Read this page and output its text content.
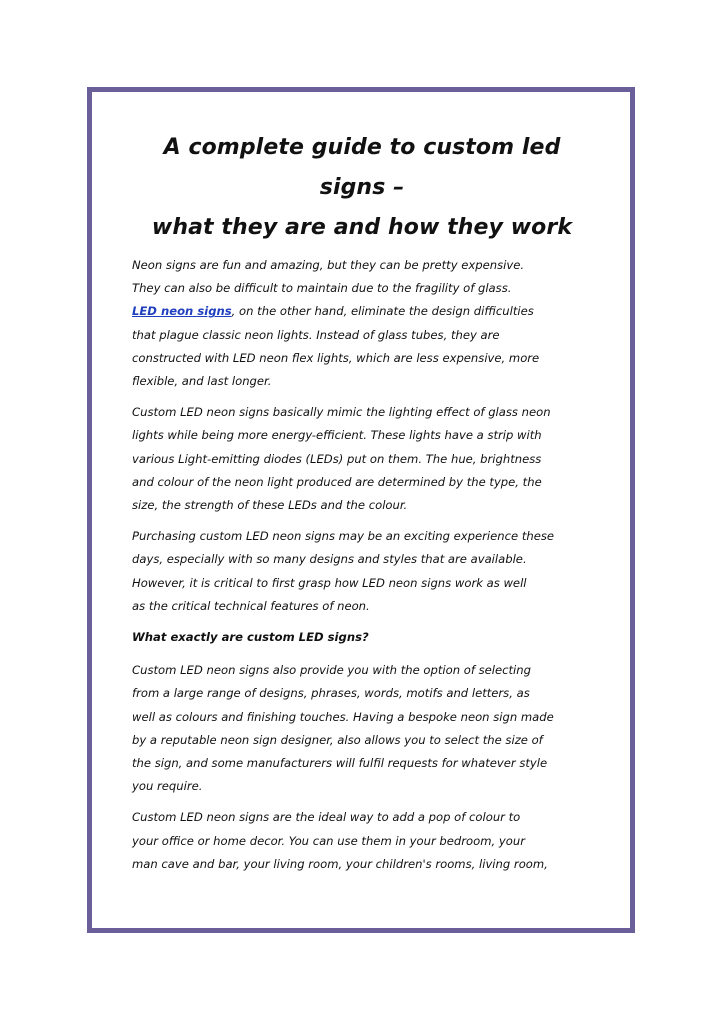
A complete guide to custom led signs –
what they are and how they work

Neon signs are fun and amazing, but they can be pretty expensive.
They can also be difficult to maintain due to the fragility of glass.
LED neon signs, on the other hand, eliminate the design difficulties
that plague classic neon lights. Instead of glass tubes, they are
constructed with LED neon flex lights, which are less expensive, more
flexible, and last longer.

Custom LED neon signs basically mimic the lighting effect of glass neon
lights while being more energy-efficient. These lights have a strip with
various Light-emitting diodes (LEDs) put on them. The hue, brightness
and colour of the neon light produced are determined by the type, the
size, the strength of these LEDs and the colour.

Purchasing custom LED neon signs may be an exciting experience these
days, especially with so many designs and styles that are available.
However, it is critical to first grasp how LED neon signs work as well
as the critical technical features of neon.

What exactly are custom LED signs?

Custom LED neon signs also provide you with the option of selecting
from a large range of designs, phrases, words, motifs and letters, as
well as colours and finishing touches. Having a bespoke neon sign made
by a reputable neon sign designer, also allows you to select the size of
the sign, and some manufacturers will fulfil requests for whatever style
you require.

Custom LED neon signs are the ideal way to add a pop of colour to
your office or home decor. You can use them in your bedroom, your
man cave and bar, your living room, your children's rooms, living room,
